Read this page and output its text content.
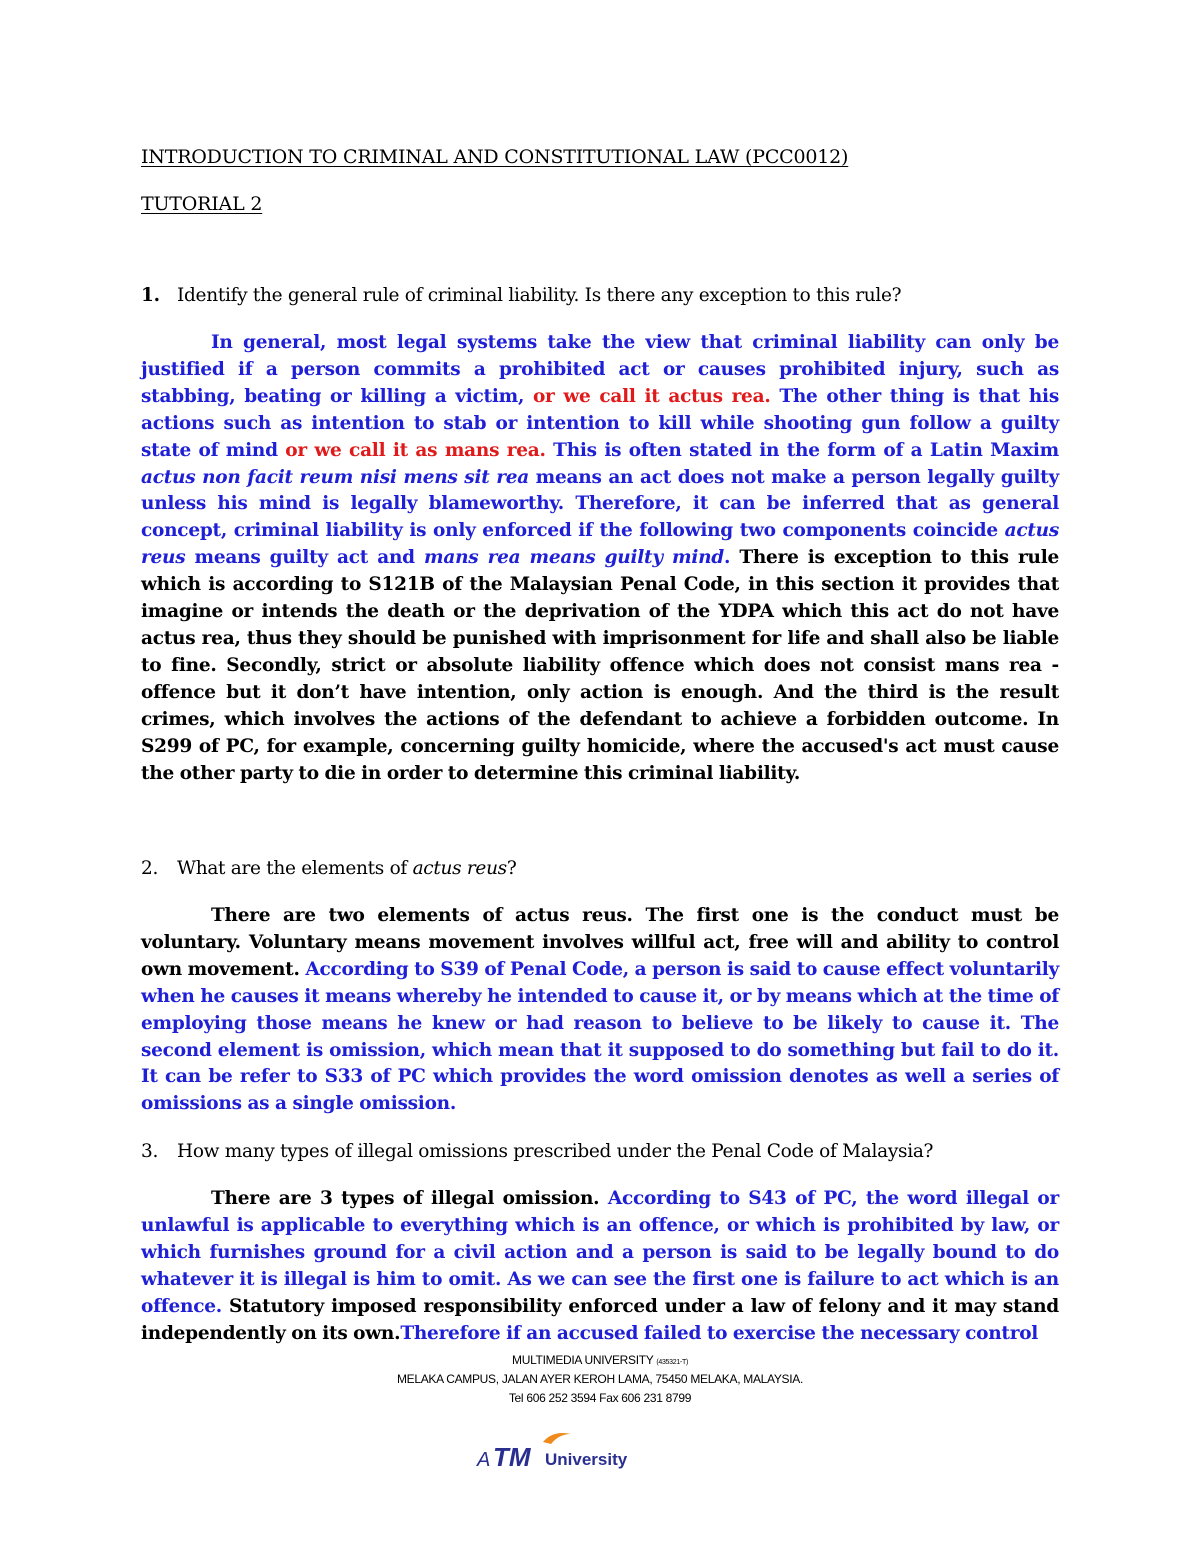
INTRODUCTION TO CRIMINAL AND CONSTITUTIONAL LAW (PCC0012)
TUTORIAL 2
1. Identify the general rule of criminal liability. Is there any exception to this rule?
In general, most legal systems take the view that criminal liability can only be justified if a person commits a prohibited act or causes prohibited injury, such as stabbing, beating or killing a victim, or we call it actus rea. The other thing is that his actions such as intention to stab or intention to kill while shooting gun follow a guilty state of mind or we call it as mans rea. This is often stated in the form of a Latin Maxim actus non facit reum nisi mens sit rea means an act does not make a person legally guilty unless his mind is legally blameworthy. Therefore, it can be inferred that as general concept, criminal liability is only enforced if the following two components coincide actus reus means guilty act and mans rea means guilty mind. There is exception to this rule which is according to S121B of the Malaysian Penal Code, in this section it provides that imagine or intends the death or the deprivation of the YDPA which this act do not have actus rea, thus they should be punished with imprisonment for life and shall also be liable to fine. Secondly, strict or absolute liability offence which does not consist mans rea - offence but it don’t have intention, only action is enough. And the third is the result crimes, which involves the actions of the defendant to achieve a forbidden outcome. In S299 of PC, for example, concerning guilty homicide, where the accused's act must cause the other party to die in order to determine this criminal liability.
2. What are the elements of actus reus?
There are two elements of actus reus. The first one is the conduct must be voluntary. Voluntary means movement involves willful act, free will and ability to control own movement. According to S39 of Penal Code, a person is said to cause effect voluntarily when he causes it means whereby he intended to cause it, or by means which at the time of employing those means he knew or had reason to believe to be likely to cause it. The second element is omission, which mean that it supposed to do something but fail to do it. It can be refer to S33 of PC which provides the word omission denotes as well a series of omissions as a single omission.
3. How many types of illegal omissions prescribed under the Penal Code of Malaysia?
There are 3 types of illegal omission. According to S43 of PC, the word illegal or unlawful is applicable to everything which is an offence, or which is prohibited by law, or which furnishes ground for a civil action and a person is said to be legally bound to do whatever it is illegal is him to omit. As we can see the first one is failure to act which is an offence. Statutory imposed responsibility enforced under a law of felony and it may stand independently on its own.Therefore if an accused failed to exercise the necessary control
MULTIMEDIA UNIVERSITY (435321-T)
MELAKA CAMPUS, JALAN AYER KEROH LAMA, 75450 MELAKA, MALAYSIA.
Tel 606 252 3594 Fax 606 231 8799
A TM University
